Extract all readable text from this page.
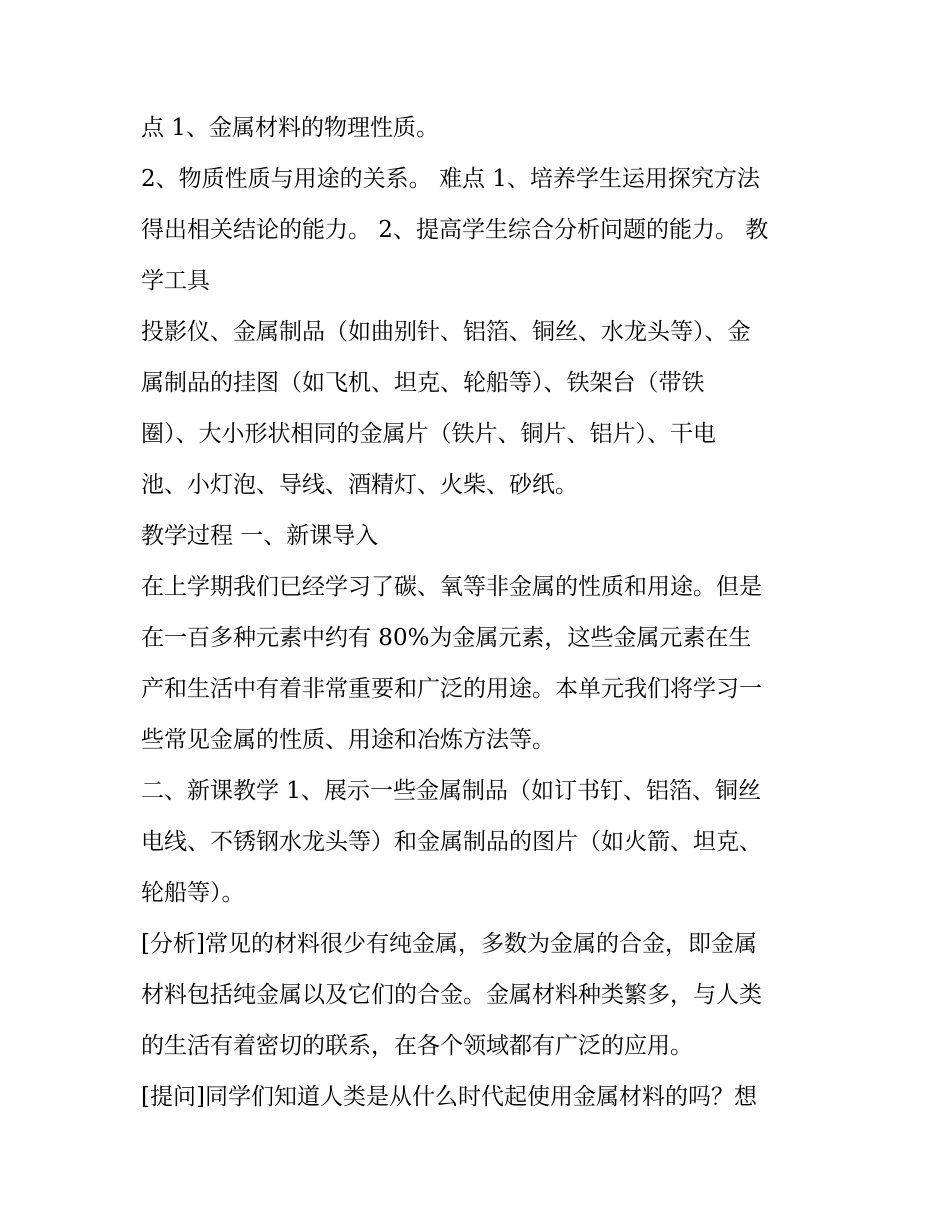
点 1、金属材料的物理性质。
2、物质性质与用途的关系。 难点 1、培养学生运用探究方法
得出相关结论的能力。 2、提高学生综合分析问题的能力。 教
学工具
投影仪、金属制品（如曲别针、铝箔、铜丝、水龙头等）、金
属制品的挂图（如飞机、坦克、轮船等）、铁架台（带铁
圈）、大小形状相同的金属片（铁片、铜片、铝片）、干电
池、小灯泡、导线、酒精灯、火柴、砂纸。
教学过程 一、新课导入
在上学期我们已经学习了碳、氧等非金属的性质和用途。但是
在一百多种元素中约有 80%为金属元素，这些金属元素在生
产和生活中有着非常重要和广泛的用途。本单元我们将学习一
些常见金属的性质、用途和冶炼方法等。
二、新课教学 1、展示一些金属制品（如订书钉、铝箔、铜丝
电线、不锈钢水龙头等）和金属制品的图片（如火箭、坦克、
轮船等）。
[分析]常见的材料很少有纯金属，多数为金属的合金，即金属
材料包括纯金属以及它们的合金。金属材料种类繁多，与人类
的生活有着密切的联系，在各个领域都有广泛的应用。
[提问]同学们知道人类是从什么时代起使用金属材料的吗？想
